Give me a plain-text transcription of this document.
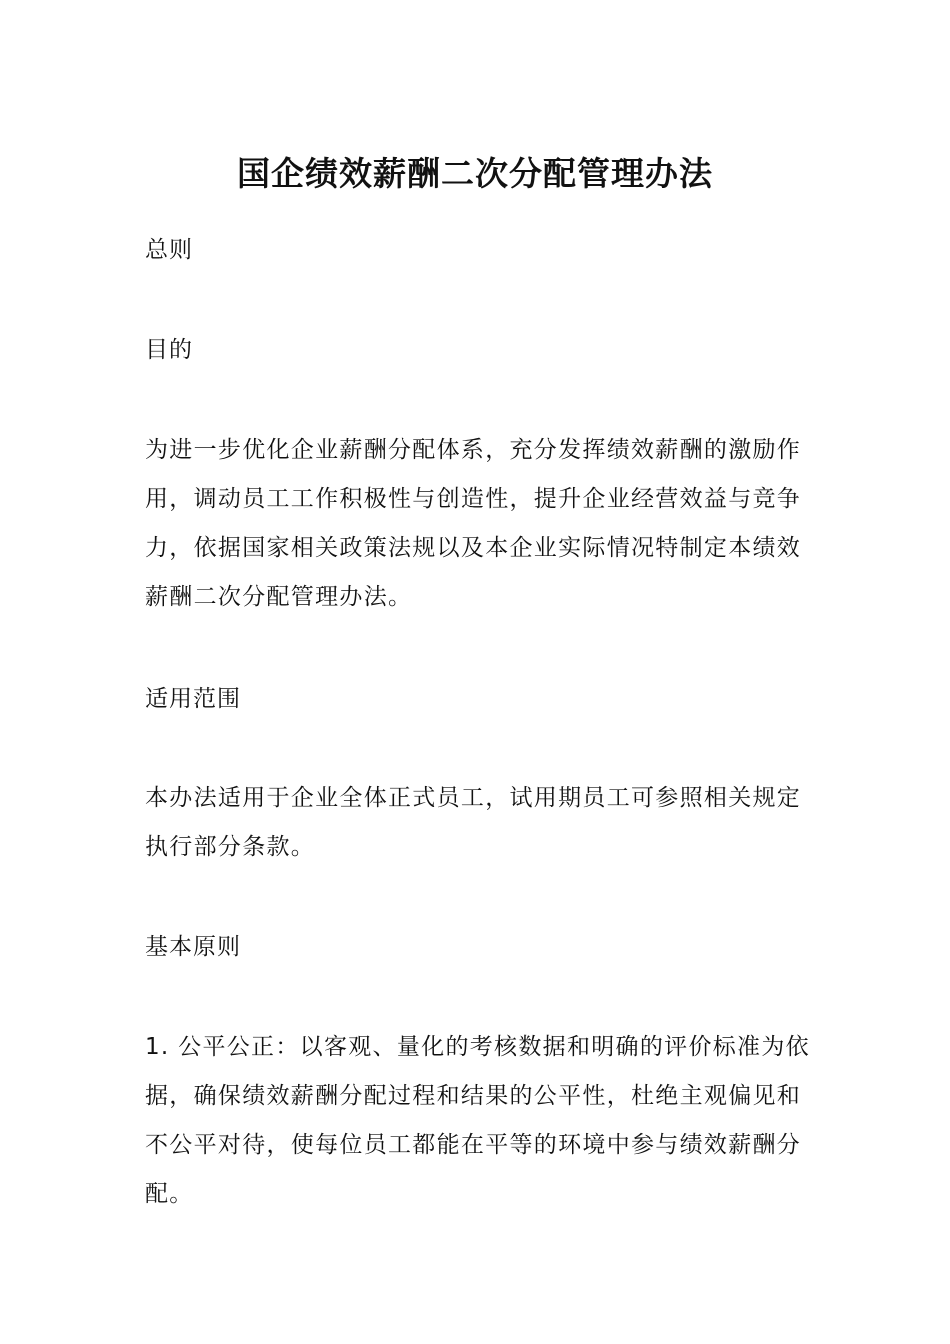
国企绩效薪酬二次分配管理办法

总则

目的

为进一步优化企业薪酬分配体系，充分发挥绩效薪酬的激励作用，调动员工工作积极性与创造性，提升企业经营效益与竞争力，依据国家相关政策法规以及本企业实际情况特制定本绩效薪酬二次分配管理办法。

适用范围

本办法适用于企业全体正式员工，试用期员工可参照相关规定执行部分条款。

基本原则

1. 公平公正：以客观、量化的考核数据和明确的评价标准为依据，确保绩效薪酬分配过程和结果的公平性，杜绝主观偏见和不公平对待，使每位员工都能在平等的环境中参与绩效薪酬分配。
